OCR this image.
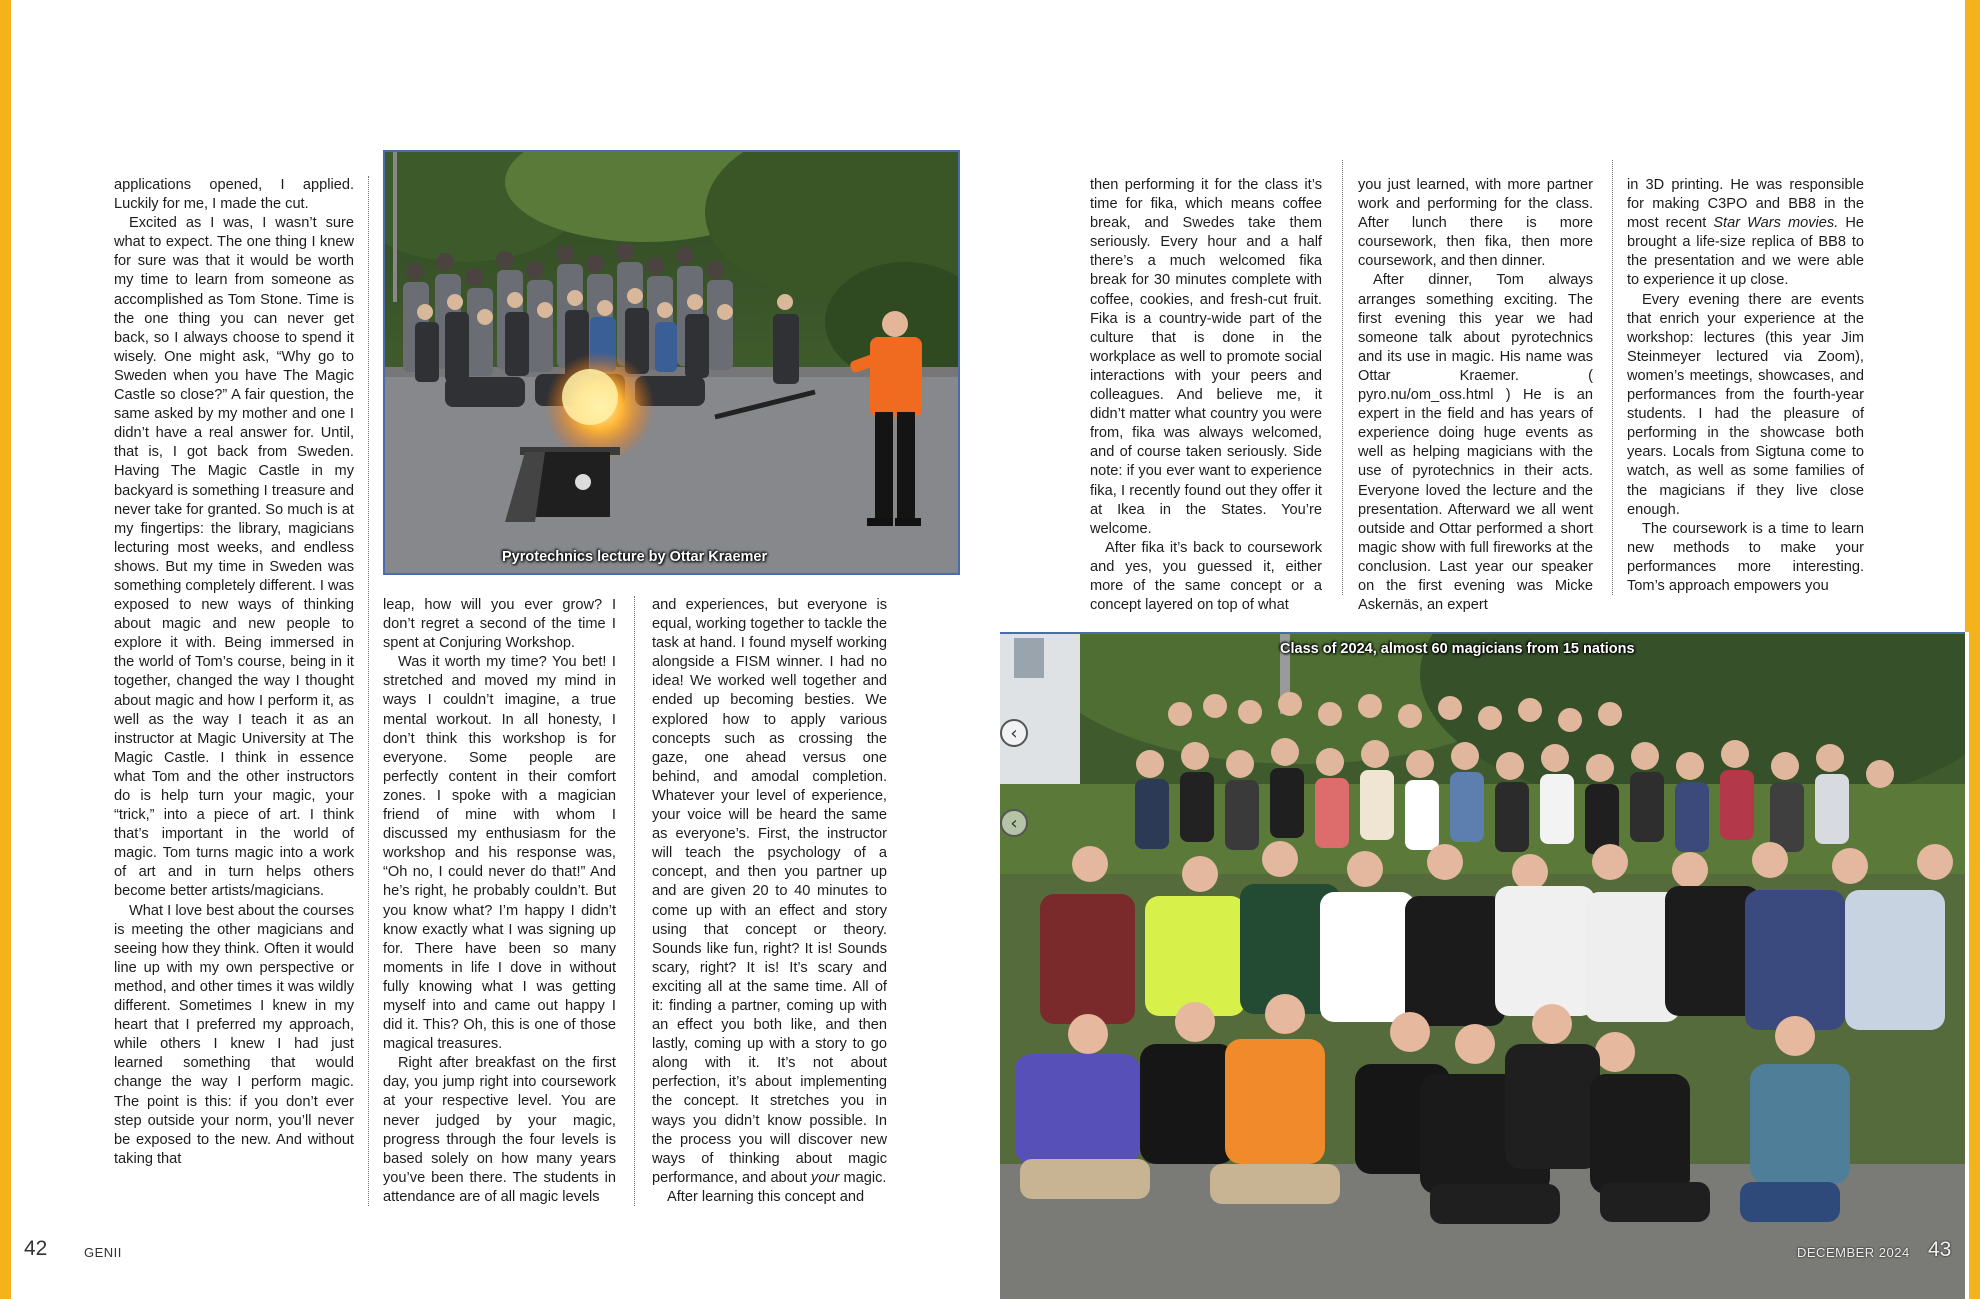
applications opened, I applied. Luckily for me, I made the cut.

Excited as I was, I wasn’t sure what to expect. The one thing I knew for sure was that it would be worth my time to learn from someone as accomplished as Tom Stone. Time is the one thing you can never get back, so I always choose to spend it wisely. One might ask, “Why go to Sweden when you have The Magic Castle so close?” A fair question, the same asked by my mother and one I didn’t have a real answer for. Until, that is, I got back from Sweden. Having The Magic Castle in my backyard is something I treasure and never take for granted. So much is at my fingertips: the library, magicians lecturing most weeks, and endless shows. But my time in Sweden was something completely different. I was exposed to new ways of thinking about magic and new people to explore it with. Being immersed in the world of Tom’s course, being in it together, changed the way I thought about magic and how I perform it, as well as the way I teach it as an instructor at Magic University at The Magic Castle. I think in essence what Tom and the other instructors do is help turn your magic, your “trick,” into a piece of art. I think that’s important in the world of magic. Tom turns magic into a work of art and in turn helps others become better artists/magicians.

What I love best about the courses is meeting the other magicians and seeing how they think. Often it would line up with my own perspective or method, and other times it was wildly different. Sometimes I knew in my heart that I preferred my approach, while others I knew I had just learned something that would change the way I perform magic. The point is this: if you don’t ever step outside your norm, you’ll never be exposed to the new. And without taking that

Pyrotechnics lecture by Ottar Kraemer

leap, how will you ever grow? I don’t regret a second of the time I spent at Conjuring Workshop.

Was it worth my time? You bet! I stretched and moved my mind in ways I couldn’t imagine, a true mental workout. In all honesty, I don’t think this workshop is for everyone. Some people are perfectly content in their comfort zones. I spoke with a magician friend of mine with whom I discussed my enthusiasm for the workshop and his response was, “Oh no, I could never do that!” And he’s right, he probably couldn’t. But you know what? I’m happy I didn’t know exactly what I was signing up for. There have been so many moments in life I dove in without fully knowing what I was getting myself into and came out happy I did it. This? Oh, this is one of those magical treasures.

Right after breakfast on the first day, you jump right into coursework at your respective level. You are never judged by your magic, progress through the four levels is based solely on how many years you’ve been there. The students in attendance are of all magic levels

and experiences, but everyone is equal, working together to tackle the task at hand. I found myself working alongside a FISM winner. I had no idea! We worked well together and ended up becoming besties. We explored how to apply various concepts such as crossing the gaze, one ahead versus one behind, and amodal completion. Whatever your level of experience, your voice will be heard the same as everyone’s. First, the instructor will teach the psychology of a concept, and then you partner up and are given 20 to 40 minutes to come up with an effect and story using that concept or theory. Sounds like fun, right? It is! Sounds scary, right? It is! It’s scary and exciting all at the same time. All of it: finding a partner, coming up with an effect you both like, and then lastly, coming up with a story to go along with it. It’s not about perfection, it’s about implementing the concept. It stretches you in ways you didn’t know possible. In the process you will discover new ways of thinking about magic performance, and about your magic.

After learning this concept and

42	GENII

then performing it for the class it’s time for fika, which means coffee break, and Swedes take them seriously. Every hour and a half there’s a much welcomed fika break for 30 minutes complete with coffee, cookies, and fresh-cut fruit. Fika is a country-wide part of the culture that is done in the workplace as well to promote social interactions with your peers and colleagues. And believe me, it didn’t matter what country you were from, fika was always welcomed, and of course taken seriously. Side note: if you ever want to experience fika, I recently found out they offer it at Ikea in the States. You’re welcome.

After fika it’s back to coursework and yes, you guessed it, either more of the same concept or a concept layered on top of what

you just learned, with more partner work and performing for the class. After lunch there is more coursework, then fika, then more coursework, and then dinner.

After dinner, Tom always arranges something exciting. The first evening this year we had someone talk about pyrotechnics and its use in magic. His name was Ottar Kraemer. ( pyro.nu/om_oss.html ) He is an expert in the field and has years of experience doing huge events as well as helping magicians with the use of pyrotechnics in their acts. Everyone loved the lecture and the presentation. Afterward we all went outside and Ottar performed a short magic show with full fireworks at the conclusion. Last year our speaker on the first evening was Micke Askernäs, an expert

in 3D printing. He was responsible for making C3PO and BB8 in the most recent Star Wars movies. He brought a life-size replica of BB8 to the presentation and we were able to experience it up close.

Every evening there are events that enrich your experience at the workshop: lectures (this year Jim Steinmeyer lectured via Zoom), women’s meetings, showcases, and performances from the fourth-year students. I had the pleasure of performing in the showcase both years. Locals from Sigtuna come to watch, as well as some families of the magicians if they live close enough.

The coursework is a time to learn new methods to make your performances more interesting. Tom’s approach empowers you

Class of 2024, almost 60 magicians from 15 nations
‹
‹
DECEMBER 2024 43
